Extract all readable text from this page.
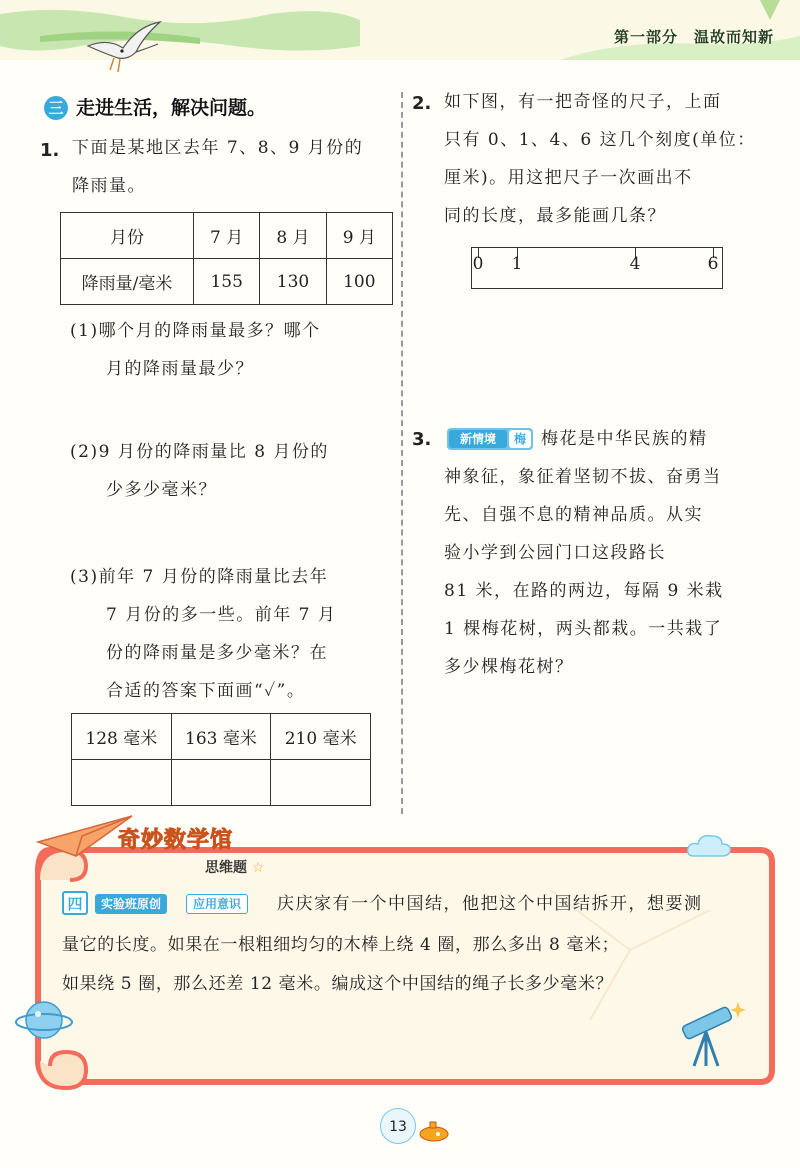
第一部分 温故而知新
三 走进生活，解决问题。
1. 下面是某地区去年 7、8、9 月份的
降雨量。
月份	7 月	8 月	9 月
降雨量/毫米	155	130	100
(1)哪个月的降雨量最多？哪个
月的降雨量最少？
(2)9 月份的降雨量比 8 月份的
少多少毫米？
(3)前年 7 月份的降雨量比去年
7 月份的多一些。前年 7 月
份的降雨量是多少毫米？在
合适的答案下面画“✓”。
128 毫米	163 毫米	210 毫米

2. 如下图，有一把奇怪的尺子，上面
只有 0、1、4、6 这几个刻度(单位：
厘米)。用这把尺子一次画出不
同的长度，最多能画几条？
0 1	4	6
3.	新情境	梅 梅花是中华民族的精
神象征，象征着坚韧不拔、奋勇当
先、自强不息的精神品质。从实
验小学到公园门口这段路长
81 米，在路的两边，每隔 9 米栽
1 棵梅花树，两头都栽。一共栽了
多少棵梅花树？
奇妙数学馆
思维题 ☆
四	实验班原创	应用意识	庆庆家有一个中国结，他把这个中国结拆开，想要测
量它的长度。如果在一根粗细均匀的木棒上绕 4 圈，那么多出 8 毫米；
如果绕 5 圈，那么还差 12 毫米。编成这个中国结的绳子长多少毫米？
13
